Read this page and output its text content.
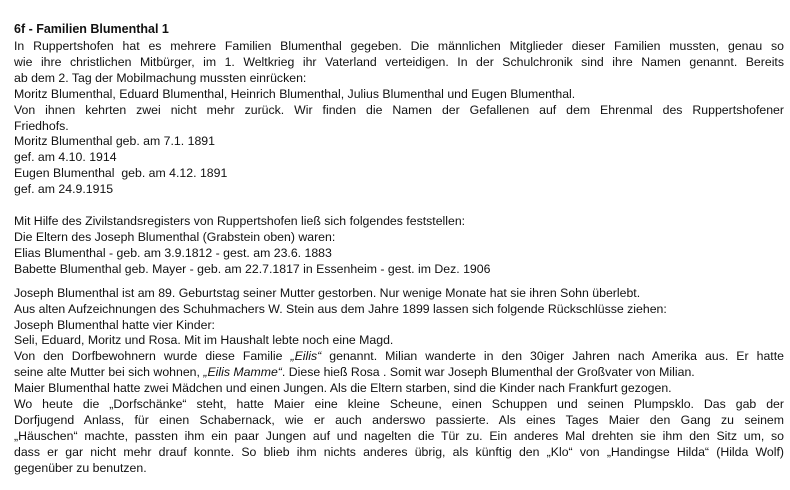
6f - Familien Blumenthal 1
In Ruppertshofen hat es mehrere Familien Blumenthal gegeben. Die männlichen Mitglieder dieser Familien mussten, genau so
wie ihre christlichen Mitbürger, im 1. Weltkrieg ihr Vaterland verteidigen. In der Schulchronik sind ihre Namen genannt. Bereits
ab dem 2. Tag der Mobilmachung mussten einrücken:
Moritz Blumenthal, Eduard Blumenthal, Heinrich Blumenthal, Julius Blumenthal und Eugen Blumenthal.
Von ihnen kehrten zwei nicht mehr zurück. Wir finden die Namen der Gefallenen auf dem Ehrenmal des Ruppertshofener
Friedhofs.
Moritz Blumenthal geb. am 7.1. 1891
gef. am 4.10. 1914
Eugen Blumenthal  geb. am 4.12. 1891
gef. am 24.9.1915
Mit Hilfe des Zivilstandsregisters von Ruppertshofen ließ sich folgendes feststellen:
Die Eltern des Joseph Blumenthal (Grabstein oben) waren:
Elias Blumenthal - geb. am 3.9.1812 - gest. am 23.6. 1883
Babette Blumenthal geb. Mayer - geb. am 22.7.1817 in Essenheim - gest. im Dez. 1906
Joseph Blumenthal ist am 89. Geburtstag seiner Mutter gestorben. Nur wenige Monate hat sie ihren Sohn überlebt.
Aus alten Aufzeichnungen des Schuhmachers W. Stein aus dem Jahre 1899 lassen sich folgende Rückschlüsse ziehen:
Joseph Blumenthal hatte vier Kinder:
Seli, Eduard, Moritz und Rosa. Mit im Haushalt lebte noch eine Magd.
Von den Dorfbewohnern wurde diese Familie „Eilis“ genannt. Milian wanderte in den 30iger Jahren nach Amerika aus. Er hatte
seine alte Mutter bei sich wohnen, „Eilis Mamme“. Diese hieß Rosa . Somit war Joseph Blumenthal der Großvater von Milian.
Maier Blumenthal hatte zwei Mädchen und einen Jungen. Als die Eltern starben, sind die Kinder nach Frankfurt gezogen.
Wo heute die „Dorfschänke“ steht, hatte Maier eine kleine Scheune, einen Schuppen und seinen Plumpsklo. Das gab der
Dorfjugend Anlass, für einen Schabernack, wie er auch anderswo passierte. Als eines Tages Maier den Gang zu seinem
„Häuschen“ machte, passten ihm ein paar Jungen auf und nagelten die Tür zu. Ein anderes Mal drehten sie ihm den Sitz um, so
dass er gar nicht mehr drauf konnte. So blieb ihm nichts anderes übrig, als künftig den „Klo“ von „Handingse Hilda“ (Hilda Wolf)
gegenüber zu benutzen.
